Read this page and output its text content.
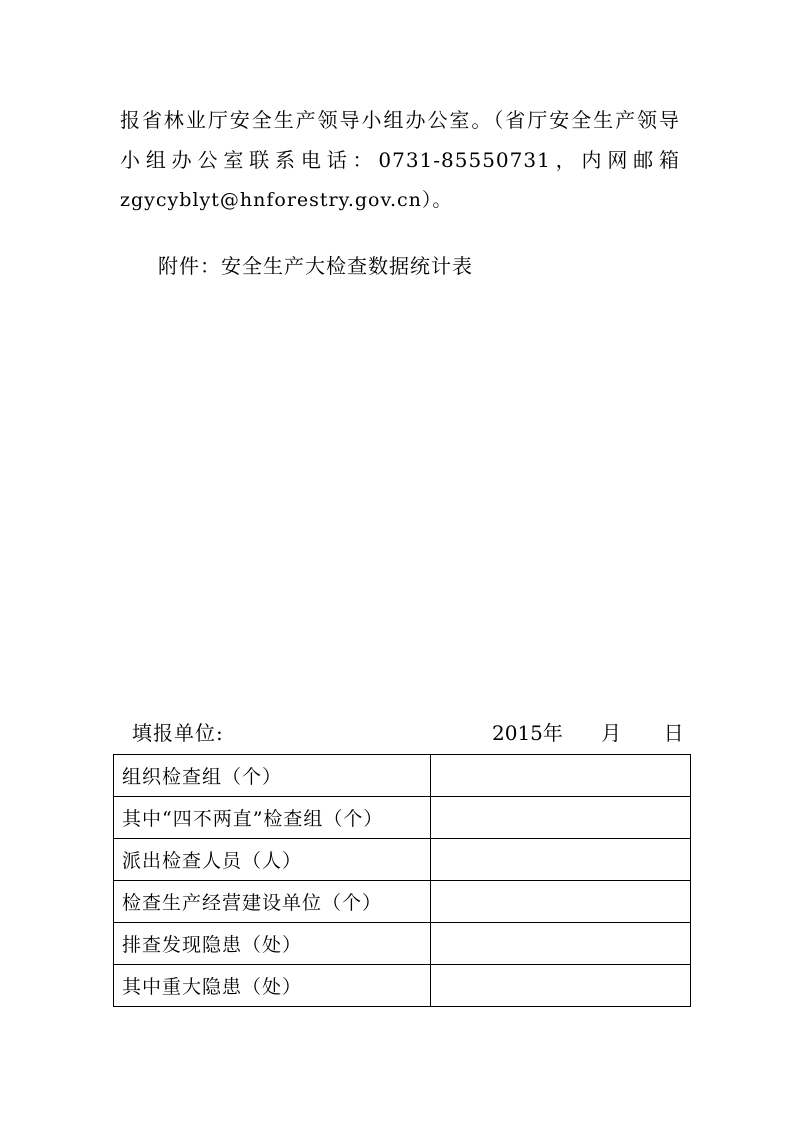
报省林业厅安全生产领导小组办公室。（省厅安全生产领导
小组办公室联系电话：0731-85550731，内网邮箱
zgycyblyt@hnforestry.gov.cn）。
附件：安全生产大检查数据统计表
填报单位:	2015年 月 日
组织检查组（个）	
其中“四不两直”检查组（个）	
派出检查人员（人）	
检查生产经营建设单位（个）	
排查发现隐患（处）	
其中重大隐患（处）	
